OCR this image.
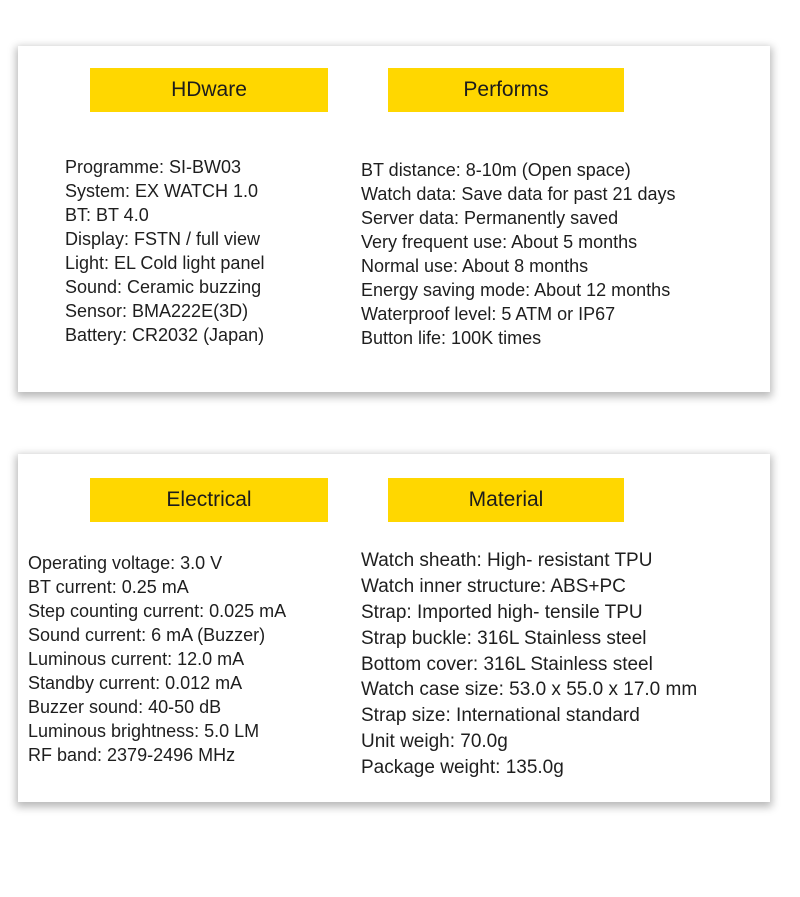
HDware	Performs
Programme: SI-BW03
System: EX WATCH 1.0
BT: BT 4.0
Display: FSTN / full view
Light: EL Cold light panel
Sound: Ceramic buzzing
Sensor: BMA222E(3D)
Battery: CR2032 (Japan)
BT distance: 8-10m (Open space)
Watch data: Save data for past 21 days
Server data: Permanently saved
Very frequent use: About 5 months
Normal use: About 8 months
Energy saving mode: About 12 months
Waterproof level: 5 ATM or IP67
Button life: 100K times
Electrical	Material
Operating voltage: 3.0 V
BT current: 0.25 mA
Step counting current: 0.025 mA
Sound current: 6 mA (Buzzer)
Luminous current: 12.0 mA
Standby current: 0.012 mA
Buzzer sound: 40-50 dB
Luminous brightness: 5.0 LM
RF band: 2379-2496 MHz
Watch sheath: High- resistant TPU
Watch inner structure: ABS+PC
Strap: Imported high- tensile TPU
Strap buckle: 316L Stainless steel
Bottom cover: 316L Stainless steel
Watch case size: 53.0 x 55.0 x 17.0 mm
Strap size: International standard
Unit weigh: 70.0g
Package weight: 135.0g
